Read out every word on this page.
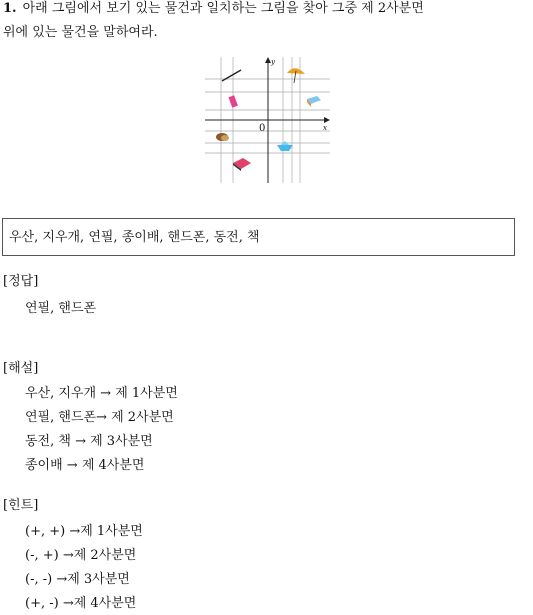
1. 아래 그림에서 보기 있는 물건과 일치하는 그림을 찾아 그중 제 2사분면
위에 있는 물건을 말하여라.
0	x
y
우산, 지우개, 연필, 종이배, 핸드폰, 동전, 책
[정답]
연필, 핸드폰
[해설]
우산, 지우개 → 제 1사분면
연필, 핸드폰→ 제 2사분면
동전, 책 → 제 3사분면
종이배 → 제 4사분면
[힌트]
(+, +) →제 1사분면
(-, +) →제 2사분면
(-, -) →제 3사분면
(+, -) →제 4사분면
